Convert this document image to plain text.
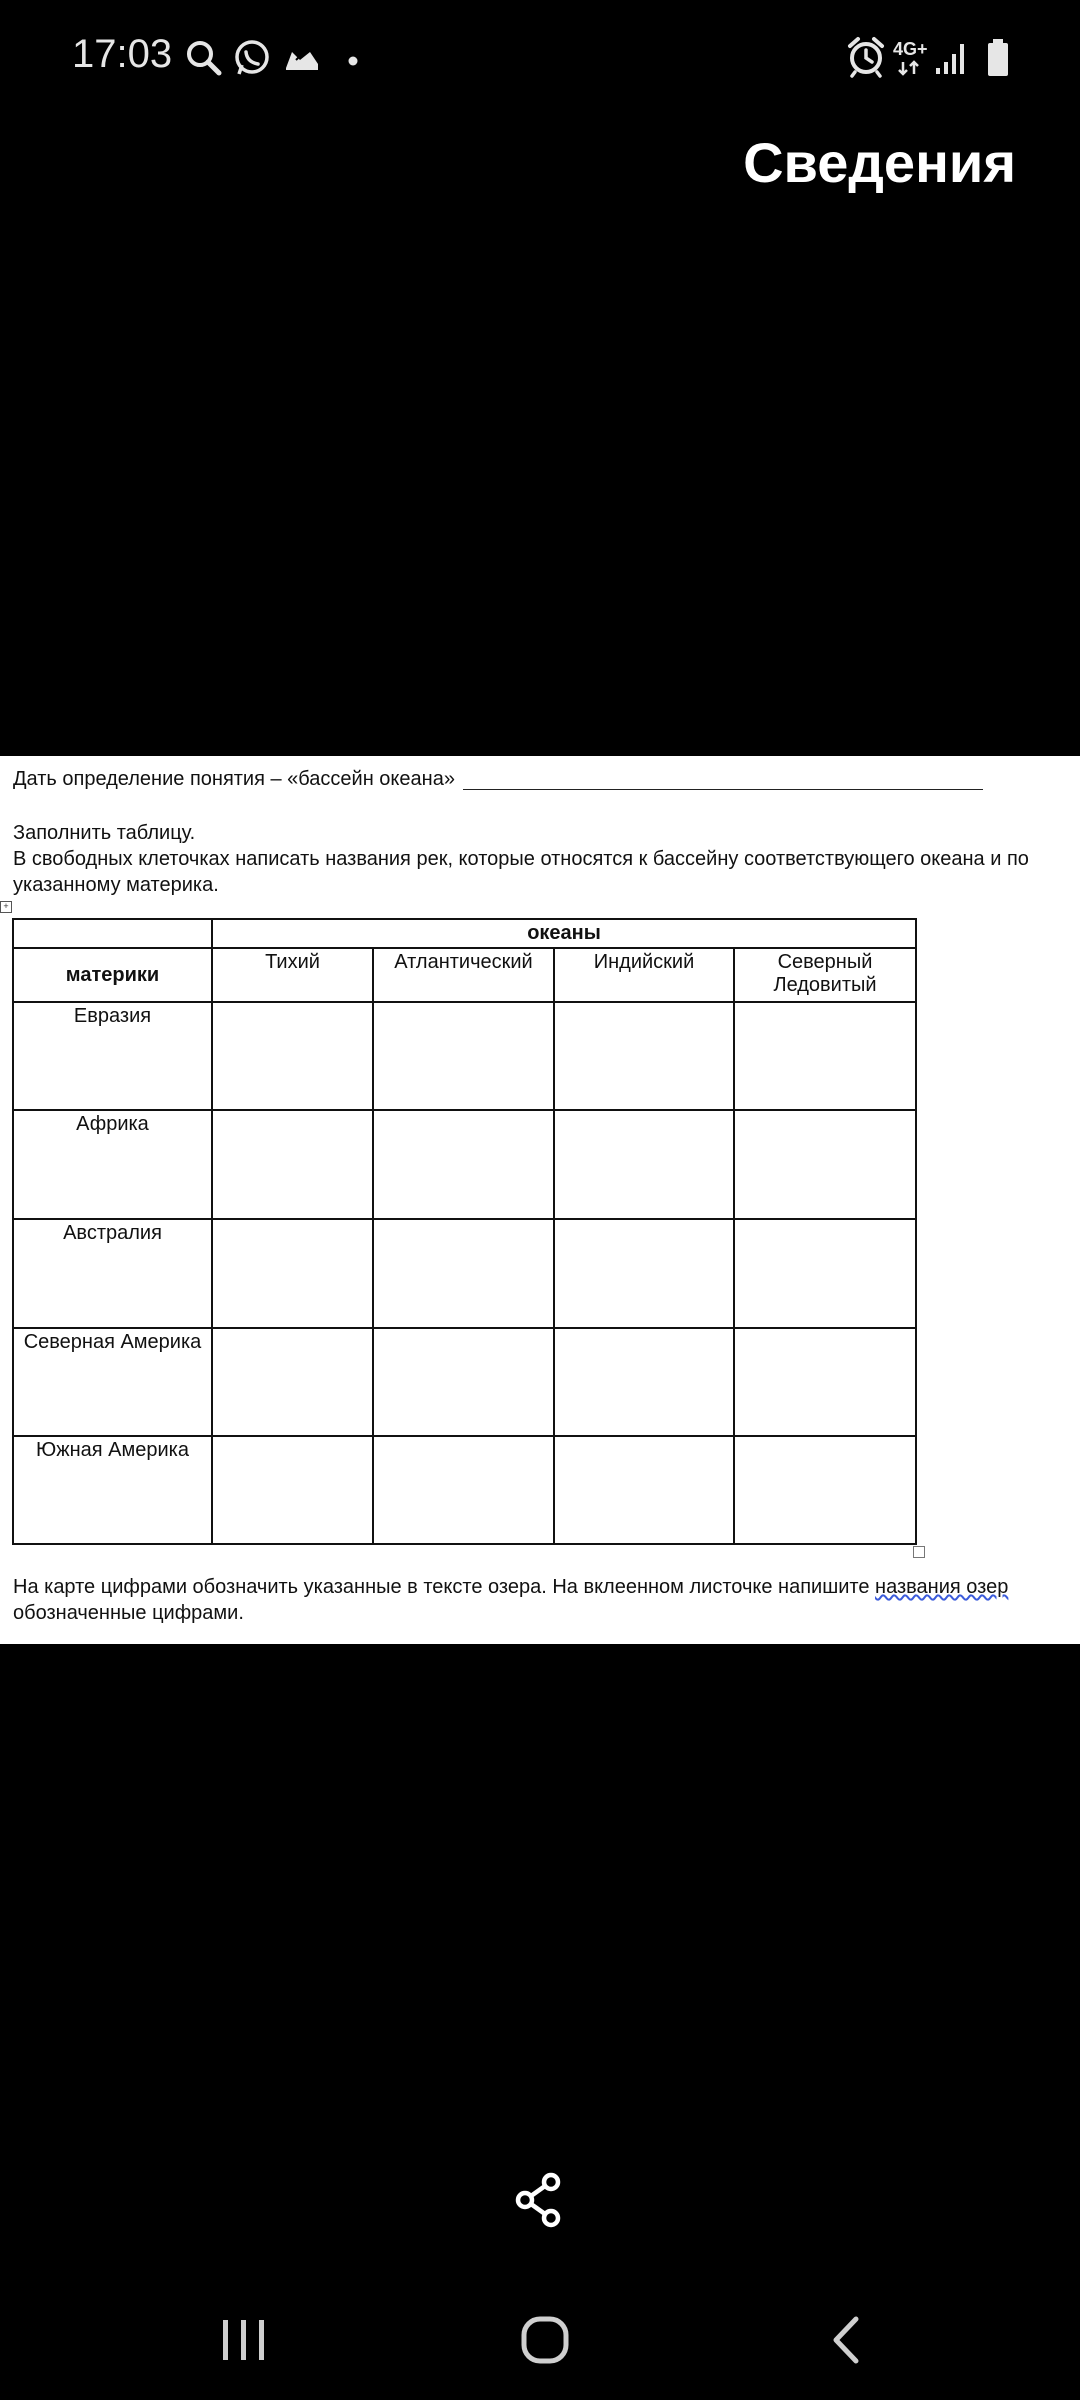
17:03	4G+
Сведения
Дать определение понятия – «бассейн океана»
Заполнить таблицу.
В свободных клеточках написать названия рек, которые относятся к бассейну соответствующего океана и по
указанному материка.
+
	океаны			
материки	Тихий	Атлантический	Индийский	Северный Ледовитый
Евразия				
Африка				
Австралия				
Северная Америка				
Южная Америка				
На карте цифрами обозначить указанные в тексте озера. На вклеенном листочке напишите названия озер
обозначенные цифрами.
